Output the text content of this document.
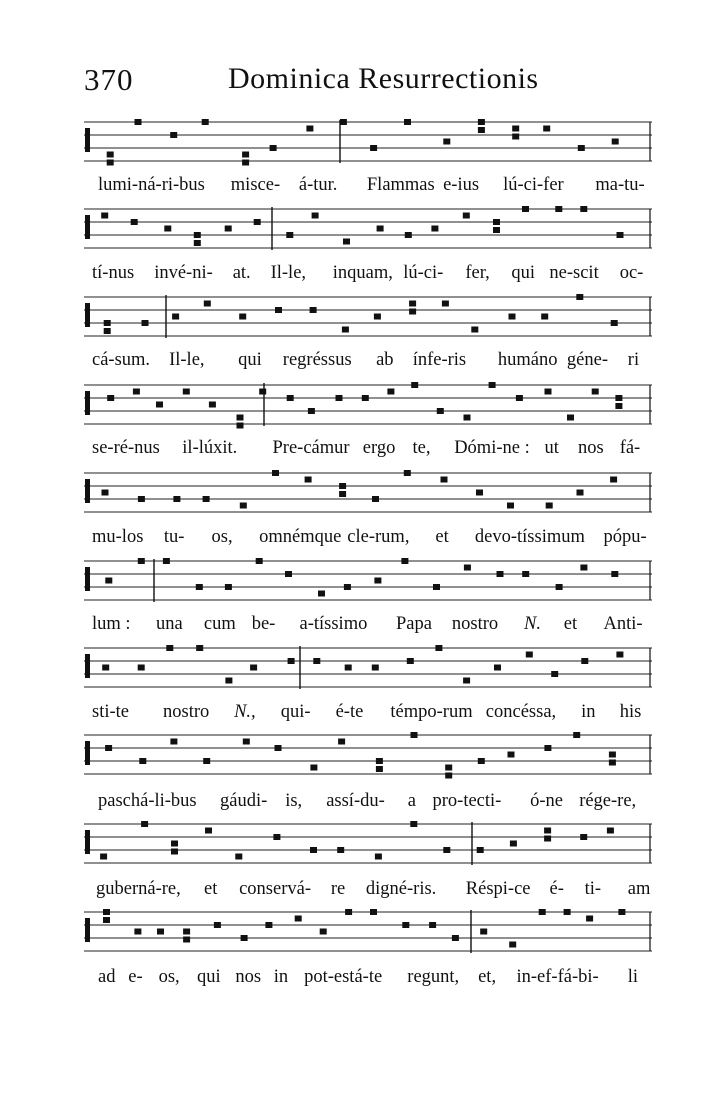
370	Dominica Resurrectionis
lumi-ná-ri-bus misce- á-tur. Flammas e-ius lú-ci-fer ma-tu-
tí-nus invé-ni- at. Il-le, inquam, lú-ci- fer, qui ne-scit oc-
cá-sum. Il-le, qui regréssus ab ínfe-ris humáno géne- ri
se-ré-nus il-lúxit. Pre-cámur ergo te, Dómi-ne : ut nos fá-
mu-los tu- os, omnémque cle-rum, et devo-tíssimum pópu-
lum : una cum be- a-tíssimo Papa nostro N. et Anti-
sti-te nostro N., qui- é-te témpo-rum concéssa, in his
paschá-li-bus gáudi- is, assí-du- a pro-tecti- ó-ne rége-re,
guberná-re, et conservá- re digné-ris. Réspi-ce é- ti- am
ad e- os, qui nos in pot-está-te regunt, et, in-ef-fá-bi- li
